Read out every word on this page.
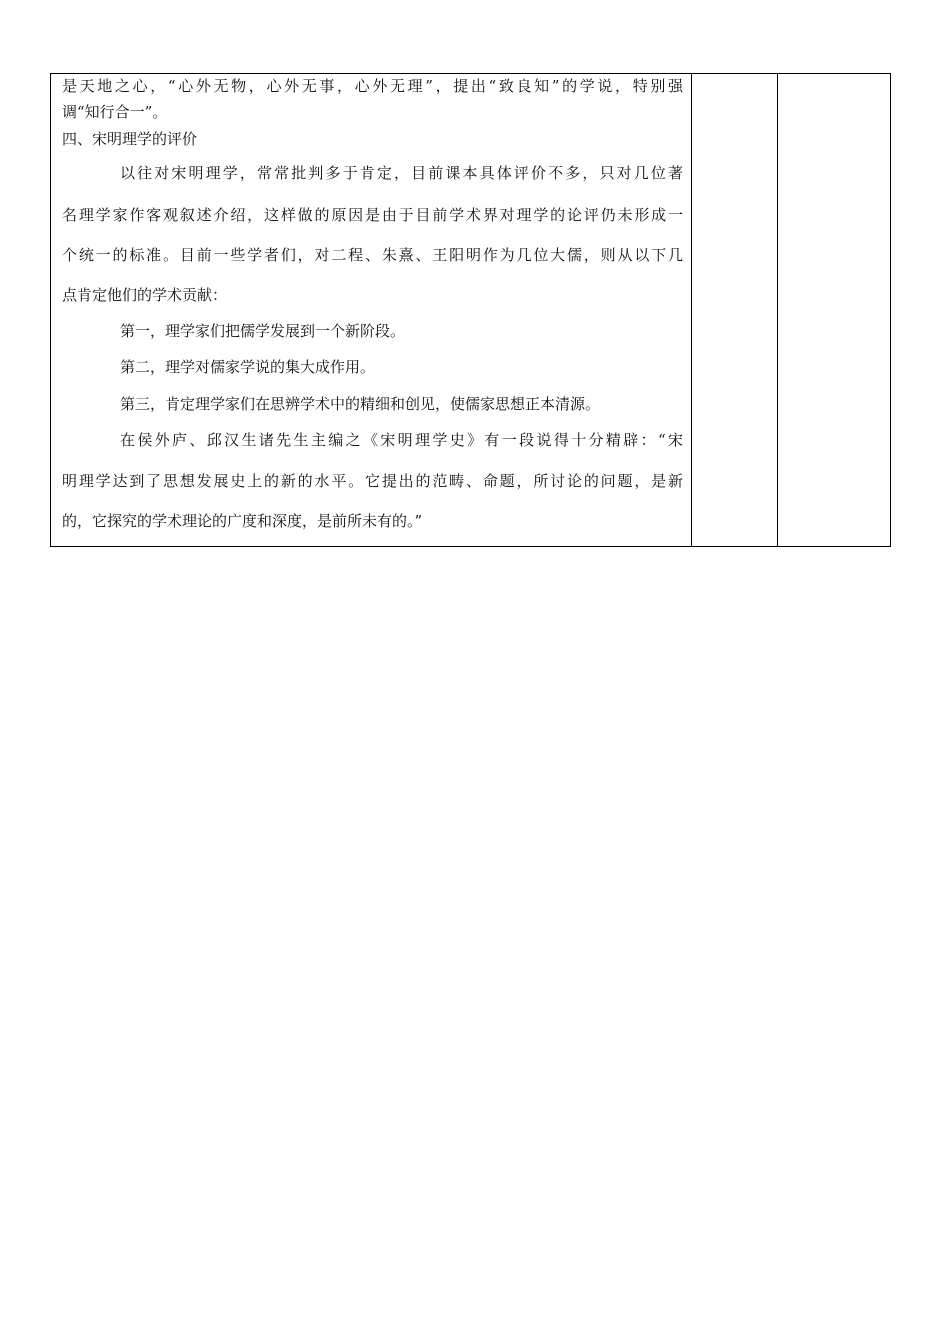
是天地之心，“心外无物，心外无事，心外无理”，提出“致良知”的学说，特别强
调“知行合一”。
四、宋明理学的评价
以往对宋明理学，常常批判多于肯定，目前课本具体评价不多，只对几位著
名理学家作客观叙述介绍，这样做的原因是由于目前学术界对理学的论评仍未形成一
个统一的标准。目前一些学者们，对二程、朱熹、王阳明作为几位大儒，则从以下几
点肯定他们的学术贡献：
第一，理学家们把儒学发展到一个新阶段。
第二，理学对儒家学说的集大成作用。
第三，肯定理学家们在思辨学术中的精细和创见，使儒家思想正本清源。
在侯外庐、邱汉生诸先生主编之《宋明理学史》有一段说得十分精辟：“宋
明理学达到了思想发展史上的新的水平。它提出的范畴、命题，所讨论的问题，是新
的，它探究的学术理论的广度和深度，是前所未有的。”
